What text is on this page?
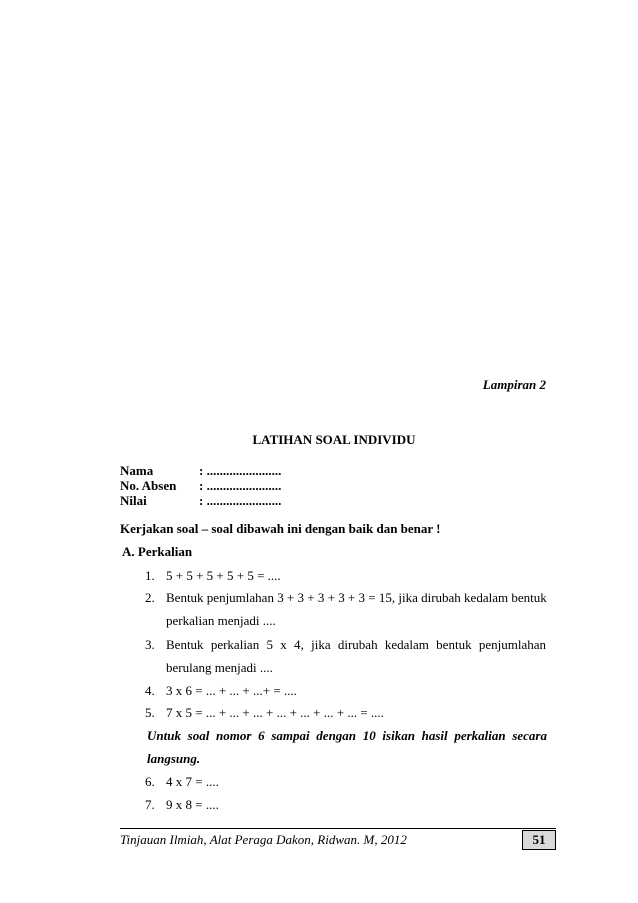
Lampiran 2
LATIHAN SOAL INDIVIDU
Nama	: .......................
No. Absen : .......................
Nilai	: .......................
Kerjakan soal – soal dibawah ini dengan baik dan benar !
A. Perkalian
1. 5 + 5 + 5 + 5 + 5 = ....
2. Bentuk penjumlahan 3 + 3 + 3 + 3 + 3 = 15, jika dirubah kedalam bentuk
perkalian menjadi ....
3. Bentuk perkalian 5 x 4, jika dirubah kedalam bentuk penjumlahan
berulang menjadi ....
4. 3 x 6 = ... + ... + ...+ = ....
5. 7 x 5 = ... + ... + ... + ... + ... + ... + ... = ....
Untuk soal nomor 6 sampai dengan 10 isikan hasil perkalian secara
langsung.
6. 4 x 7 = ....
7. 9 x 8 = ....
Tinjauan Ilmiah, Alat Peraga Dakon, Ridwan. M, 2012	51
